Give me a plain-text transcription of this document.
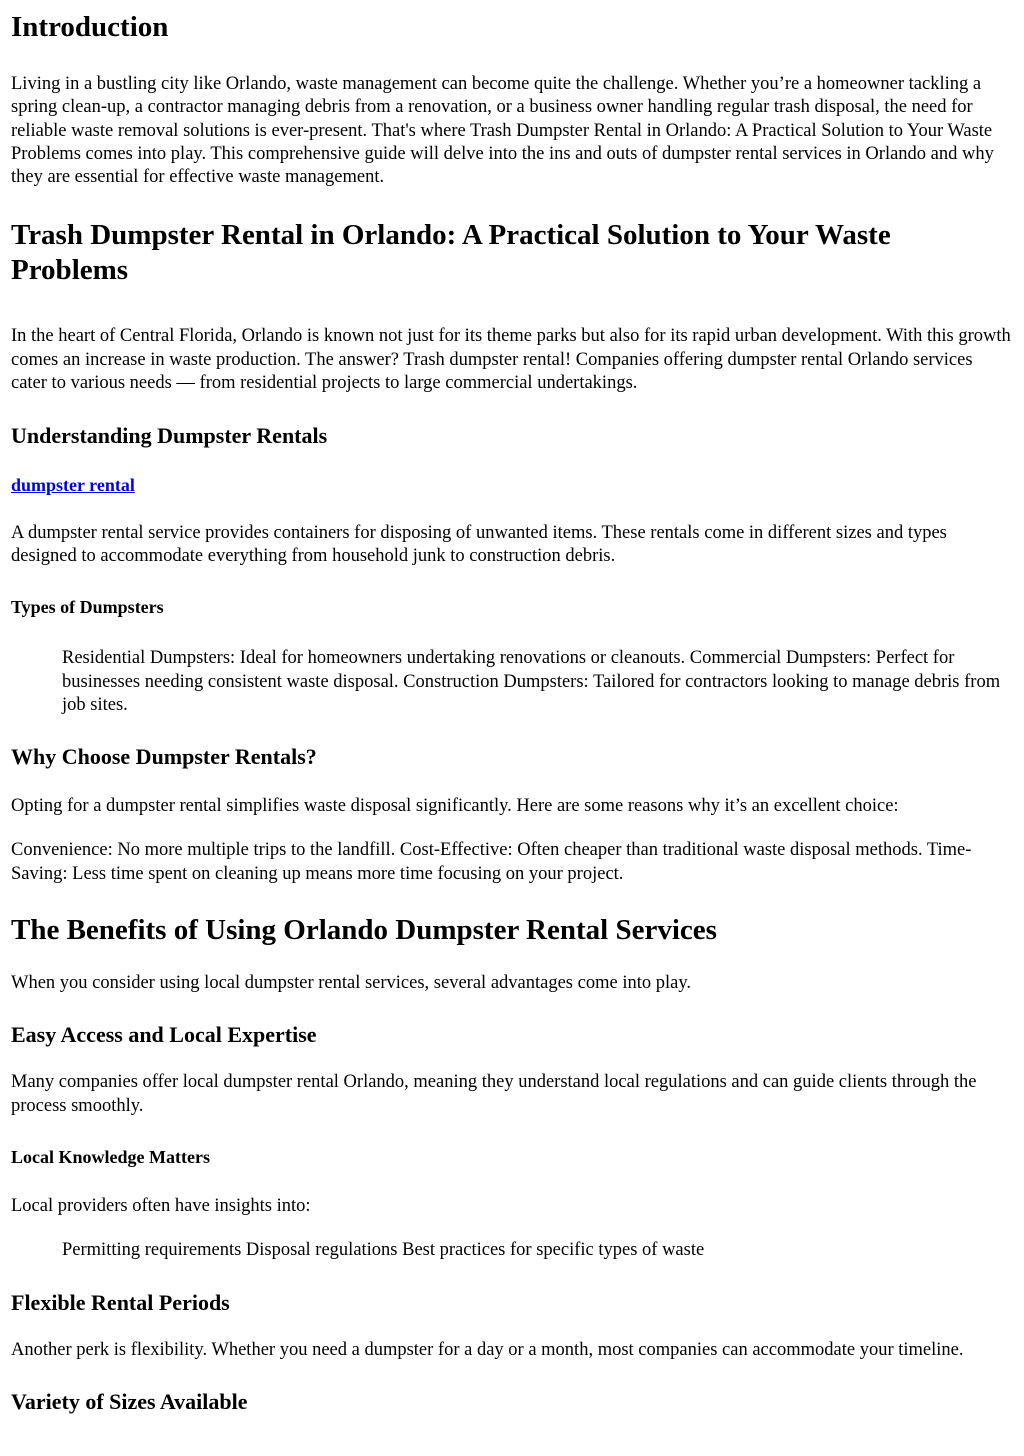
Introduction

Living in a bustling city like Orlando, waste management can become quite the challenge. Whether you’re a homeowner tackling a spring clean-up, a contractor managing debris from a renovation, or a business owner handling regular trash disposal, the need for reliable waste removal solutions is ever-present. That's where Trash Dumpster Rental in Orlando: A Practical Solution to Your Waste Problems comes into play. This comprehensive guide will delve into the ins and outs of dumpster rental services in Orlando and why they are essential for effective waste management.

Trash Dumpster Rental in Orlando: A Practical Solution to Your Waste Problems

In the heart of Central Florida, Orlando is known not just for its theme parks but also for its rapid urban development. With this growth comes an increase in waste production. The answer? Trash dumpster rental! Companies offering dumpster rental Orlando services cater to various needs — from residential projects to large commercial undertakings.

Understanding Dumpster Rentals

dumpster rental

A dumpster rental service provides containers for disposing of unwanted items. These rentals come in different sizes and types designed to accommodate everything from household junk to construction debris.

Types of Dumpsters

Residential Dumpsters: Ideal for homeowners undertaking renovations or cleanouts. Commercial Dumpsters: Perfect for businesses needing consistent waste disposal. Construction Dumpsters: Tailored for contractors looking to manage debris from job sites.

Why Choose Dumpster Rentals?

Opting for a dumpster rental simplifies waste disposal significantly. Here are some reasons why it’s an excellent choice:

Convenience: No more multiple trips to the landfill. Cost-Effective: Often cheaper than traditional waste disposal methods. Time-Saving: Less time spent on cleaning up means more time focusing on your project.

The Benefits of Using Orlando Dumpster Rental Services

When you consider using local dumpster rental services, several advantages come into play.

Easy Access and Local Expertise

Many companies offer local dumpster rental Orlando, meaning they understand local regulations and can guide clients through the process smoothly.

Local Knowledge Matters

Local providers often have insights into:

Permitting requirements Disposal regulations Best practices for specific types of waste

Flexible Rental Periods

Another perk is flexibility. Whether you need a dumpster for a day or a month, most companies can accommodate your timeline.

Variety of Sizes Available
